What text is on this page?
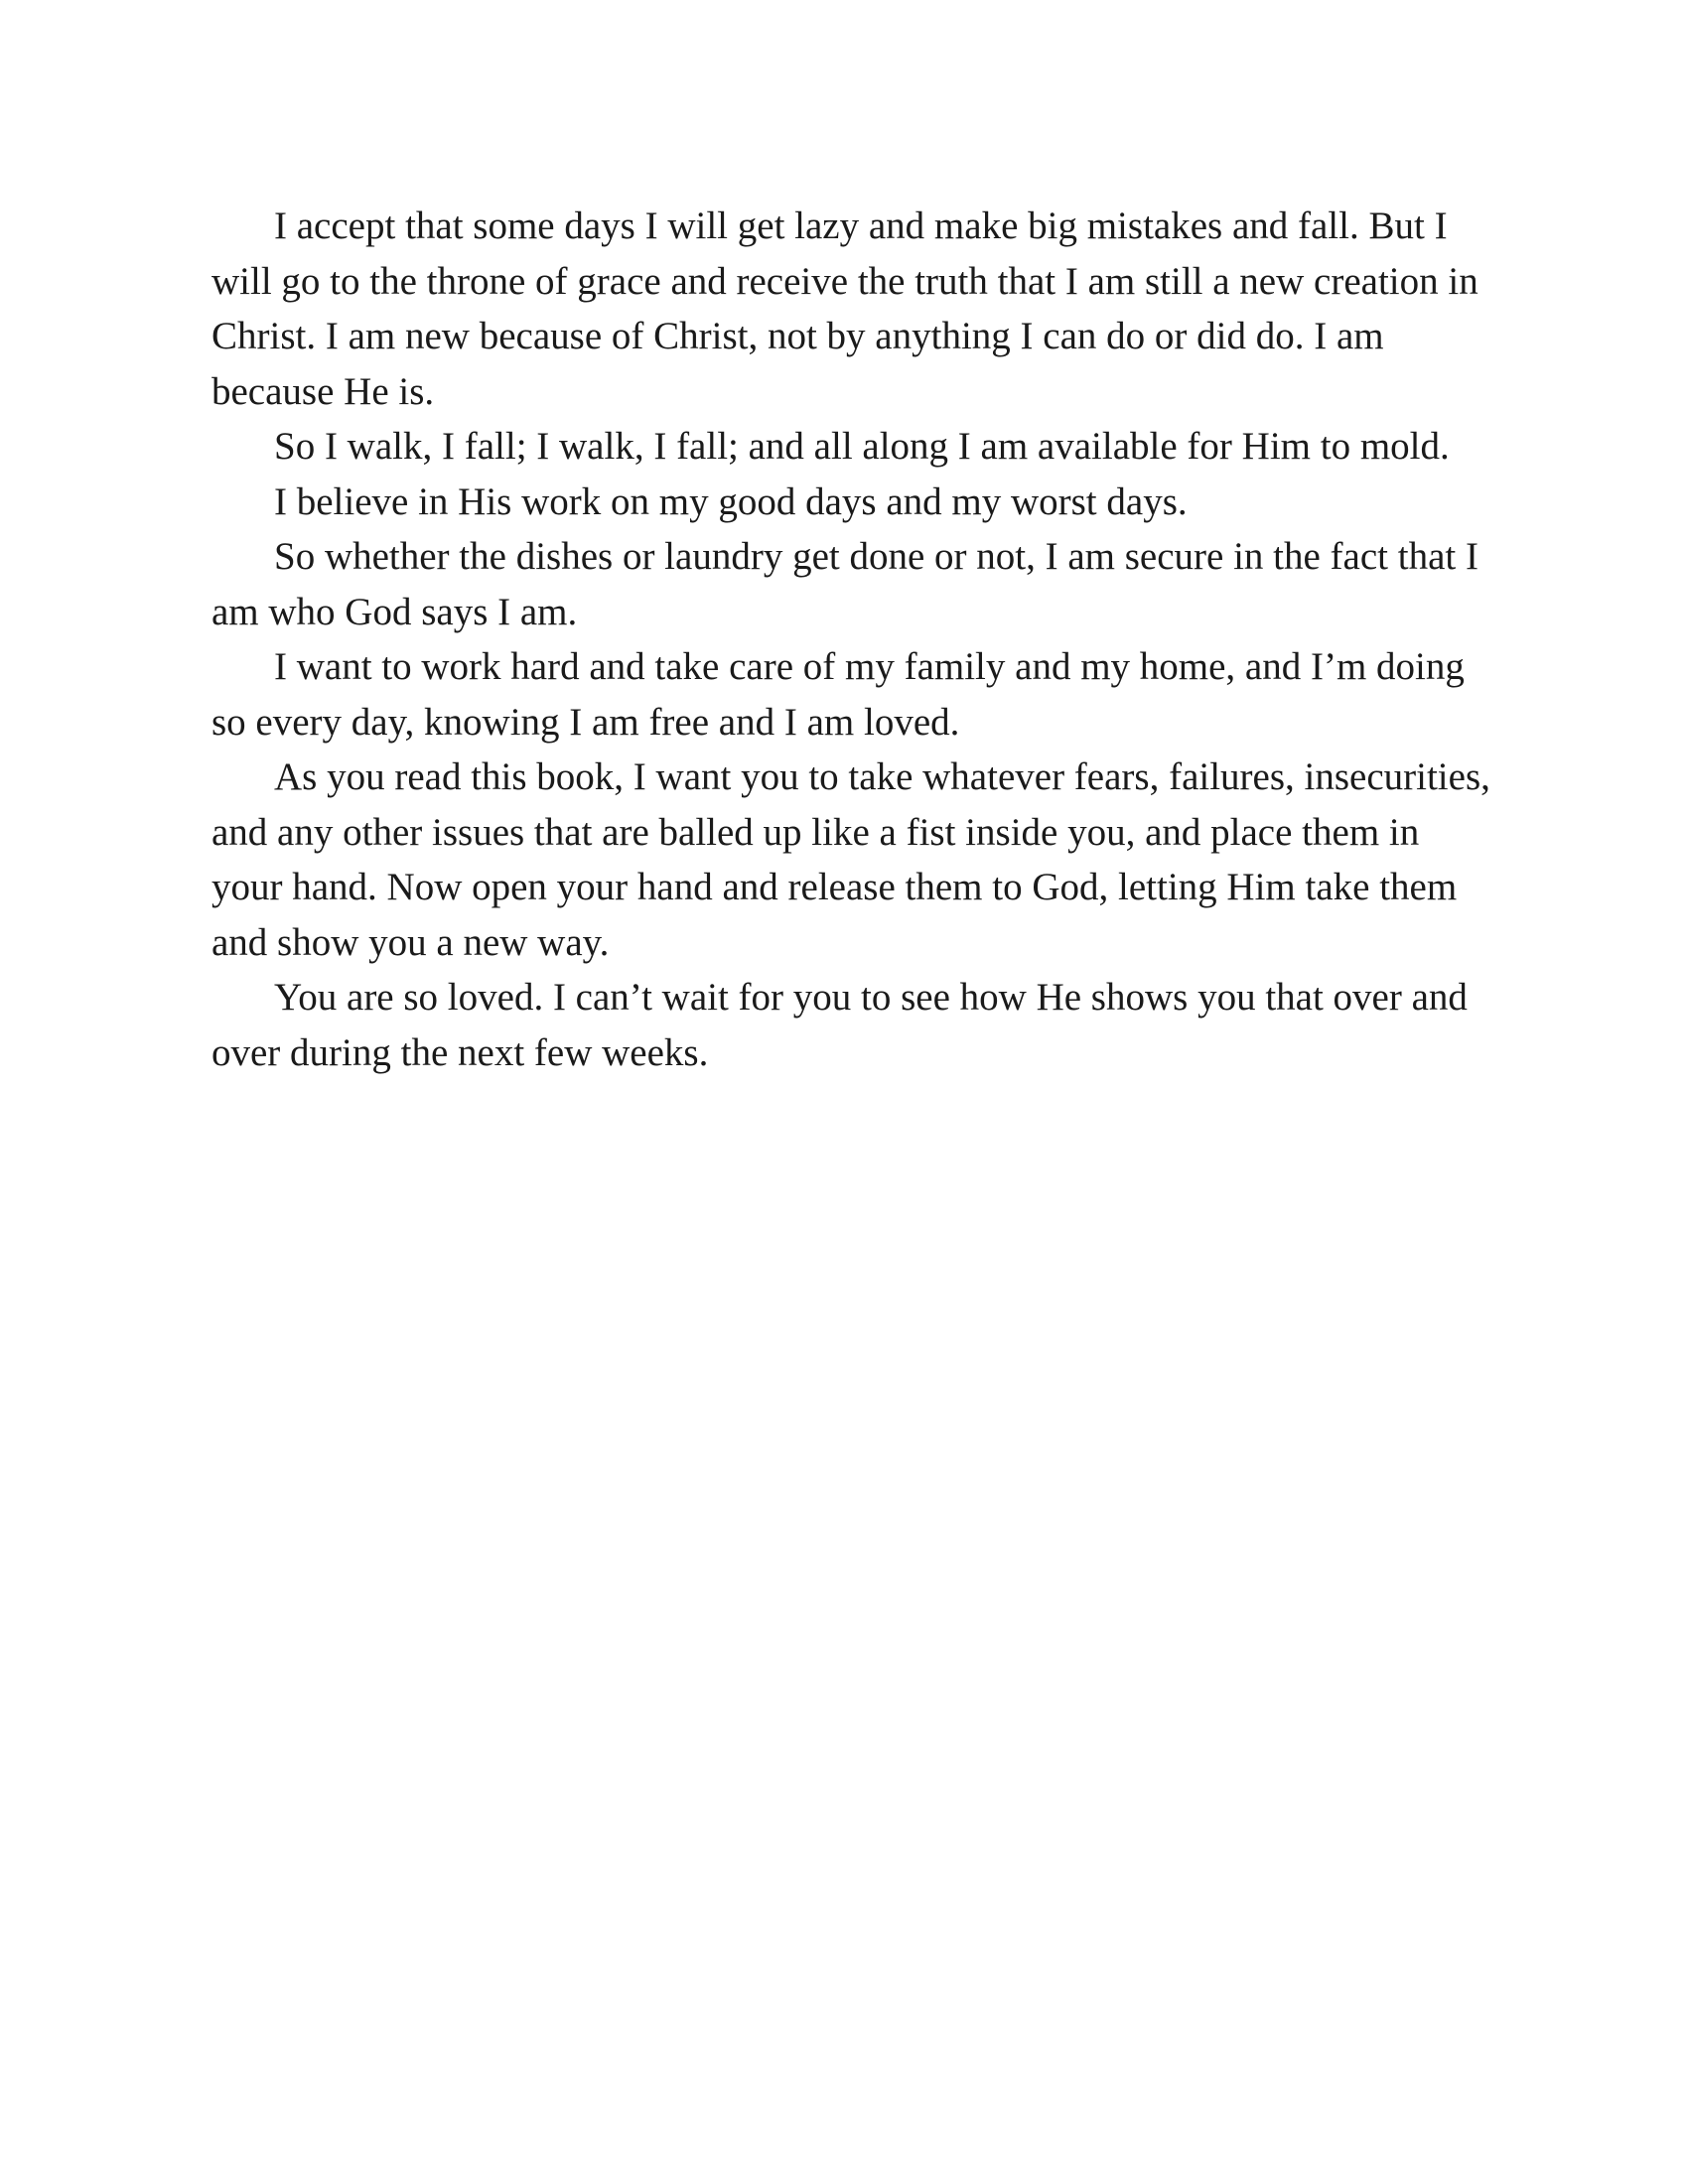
I accept that some days I will get lazy and make big mistakes and fall. But I will go to the throne of grace and receive the truth that I am still a new creation in Christ. I am new because of Christ, not by anything I can do or did do. I am because He is.

So I walk, I fall; I walk, I fall; and all along I am available for Him to mold.

I believe in His work on my good days and my worst days.

So whether the dishes or laundry get done or not, I am secure in the fact that I am who God says I am.

I want to work hard and take care of my family and my home, and I’m doing so every day, knowing I am free and I am loved.

As you read this book, I want you to take whatever fears, failures, insecurities, and any other issues that are balled up like a fist inside you, and place them in your hand. Now open your hand and release them to God, letting Him take them and show you a new way.

You are so loved. I can’t wait for you to see how He shows you that over and over during the next few weeks.
